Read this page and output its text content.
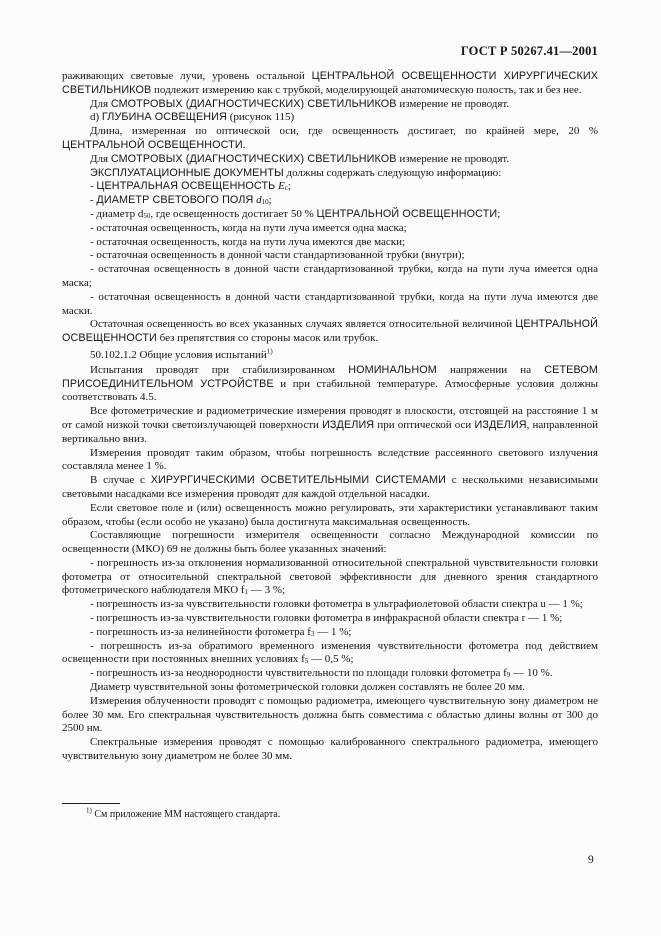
ГОСТ Р 50267.41—2001

раживающих световые лучи, уровень остальной ЦЕНТРАЛЬНОЙ ОСВЕЩЕННОСТИ ХИРУРГИЧЕСКИХ СВЕТИЛЬНИКОВ подлежит измерению как с трубкой, моделирующей анатомическую полость, так и без нее.

Для СМОТРОВЫХ (ДИАГНОСТИЧЕСКИХ) СВЕТИЛЬНИКОВ измерение не проводят.

d) ГЛУБИНА ОСВЕЩЕНИЯ (рисунок 115)

Длина, измеренная по оптической оси, где освещенность достигает, по крайней мере, 20 % ЦЕНТРАЛЬНОЙ ОСВЕЩЕННОСТИ.

Для СМОТРОВЫХ (ДИАГНОСТИЧЕСКИХ) СВЕТИЛЬНИКОВ измерение не проводят.

ЭКСПЛУАТАЦИОННЫЕ ДОКУМЕНТЫ должны содержать следующую информацию:

- ЦЕНТРАЛЬНАЯ ОСВЕЩЕННОСТЬ $E_c$;

- ДИАМЕТР СВЕТОВОГО ПОЛЯ $d_{10}$;

- диаметр $d_{50}$, где освещенность достигает 50 % ЦЕНТРАЛЬНОЙ ОСВЕЩЕННОСТИ;

- остаточная освещенность, когда на пути луча имеется одна маска;

- остаточная освещенность, когда на пути луча имеются две маски;

- остаточная освещенность в донной части стандартизованной трубки (внутри);

- остаточная освещенность в донной части стандартизованной трубки, когда на пути луча имеется одна маска;

- остаточная освещенность в донной части стандартизованной трубки, когда на пути луча имеются две маски.

Остаточная освещенность во всех указанных случаях является относительной величиной ЦЕНТРАЛЬНОЙ ОСВЕЩЕННОСТИ без препятствия со стороны масок или трубок.

50.102.1.2 Общие условия испытаний$^{1)}$

Испытания проводят при стабилизированном НОМИНАЛЬНОМ напряжении на СЕТЕВОМ ПРИСОЕДИНИТЕЛЬНОМ УСТРОЙСТВЕ и при стабильной температуре. Атмосферные условия должны соответствовать 4.5.

Все фотометрические и радиометрические измерения проводят в плоскости, отстоящей на расстояние 1 м от самой низкой точки светоизлучающей поверхности ИЗДЕЛИЯ при оптической оси ИЗДЕЛИЯ, направленной вертикально вниз.

Измерения проводят таким образом, чтобы погрешность вследствие рассеянного светового излучения составляла менее 1 %.

В случае с ХИРУРГИЧЕСКИМИ ОСВЕТИТЕЛЬНЫМИ СИСТЕМАМИ с несколькими независимыми световыми насадками все измерения проводят для каждой отдельной насадки.

Если световое поле и (или) освещенность можно регулировать, эти характеристики устанавливают таким образом, чтобы (если особо не указано) была достигнута максимальная освещенность.

Составляющие погрешности измерителя освещенности согласно Международной комиссии по освещенности (МКО) 69 не должны быть более указанных значений:

- погрешность из-за отклонения нормализованной относительной спектральной чувствительности головки фотометра от относительной спектральной световой эффективности для дневного зрения стандартного фотометрического наблюдателя МКО $f_1$ — 3 %;

- погрешность из-за чувствительности головки фотометра в ультрафиолетовой области спектра u — 1 %;

- погрешность из-за чувствительности головки фотометра в инфракрасной области спектра r — 1 %;

- погрешность из-за нелинейности фотометра $f_3$ — 1 %;

- погрешность из-за обратимого временного изменения чувствительности фотометра под действием освещенности при постоянных внешних условиях $f_5$ — 0,5 %;

- погрешность из-за неоднородности чувствительности по площади головки фотометра $f_9$ — 10 %.

Диаметр чувствительной зоны фотометрической головки должен составлять не более 20 мм.

Измерения облученности проводят с помощью радиометра, имеющего чувствительную зону диаметром не более 30 мм. Его спектральная чувствительность должна быть совместима с областью длины волны от 300 до 2500 нм.

Спектральные измерения проводят с помощью калиброванного спектрального радиометра, имеющего чувствительную зону диаметром не более 30 мм.

$^{1)}$ См приложение ММ настоящего стандарта.
9
